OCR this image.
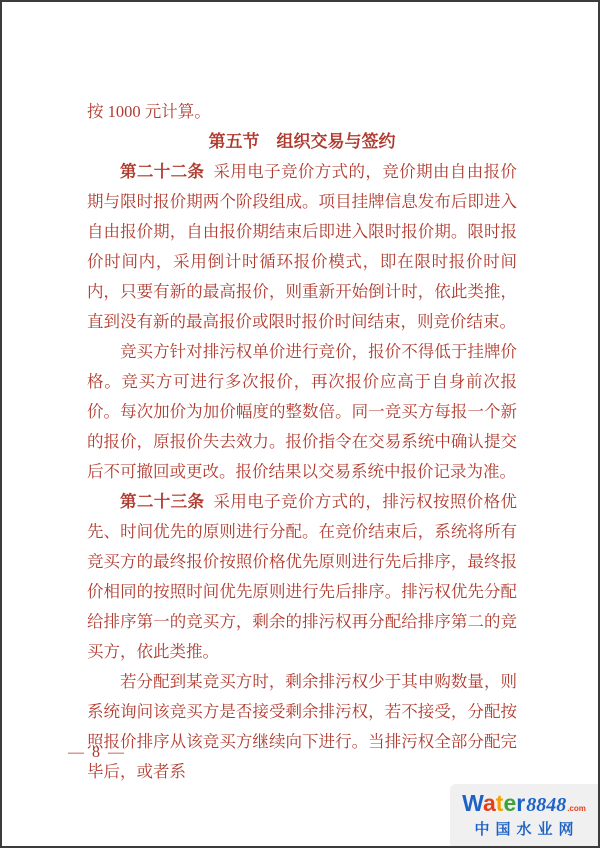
按 1000 元计算。

第五节　组织交易与签约

第二十二条 采用电子竞价方式的，竞价期由自由报价期与限时报价期两个阶段组成。项目挂牌信息发布后即进入自由报价期，自由报价期结束后即进入限时报价期。限时报价时间内，采用倒计时循环报价模式，即在限时报价时间内，只要有新的最高报价，则重新开始倒计时，依此类推，直到没有新的最高报价或限时报价时间结束，则竞价结束。

竞买方针对排污权单价进行竞价，报价不得低于挂牌价格。竞买方可进行多次报价，再次报价应高于自身前次报价。每次加价为加价幅度的整数倍。同一竞买方每报一个新的报价，原报价失去效力。报价指令在交易系统中确认提交后不可撤回或更改。报价结果以交易系统中报价记录为准。

第二十三条 采用电子竞价方式的，排污权按照价格优先、时间优先的原则进行分配。在竞价结束后，系统将所有竞买方的最终报价按照价格优先原则进行先后排序，最终报价相同的按照时间优先原则进行先后排序。排污权优先分配给排序第一的竞买方，剩余的排污权再分配给排序第二的竞买方，依此类推。

若分配到某竞买方时，剩余排污权少于其申购数量，则系统询问该竞买方是否接受剩余排污权，若不接受，分配按照报价排序从该竞买方继续向下进行。当排污权全部分配完毕后，或者系

— 8 —
Water 8848 .com
中国水业网
